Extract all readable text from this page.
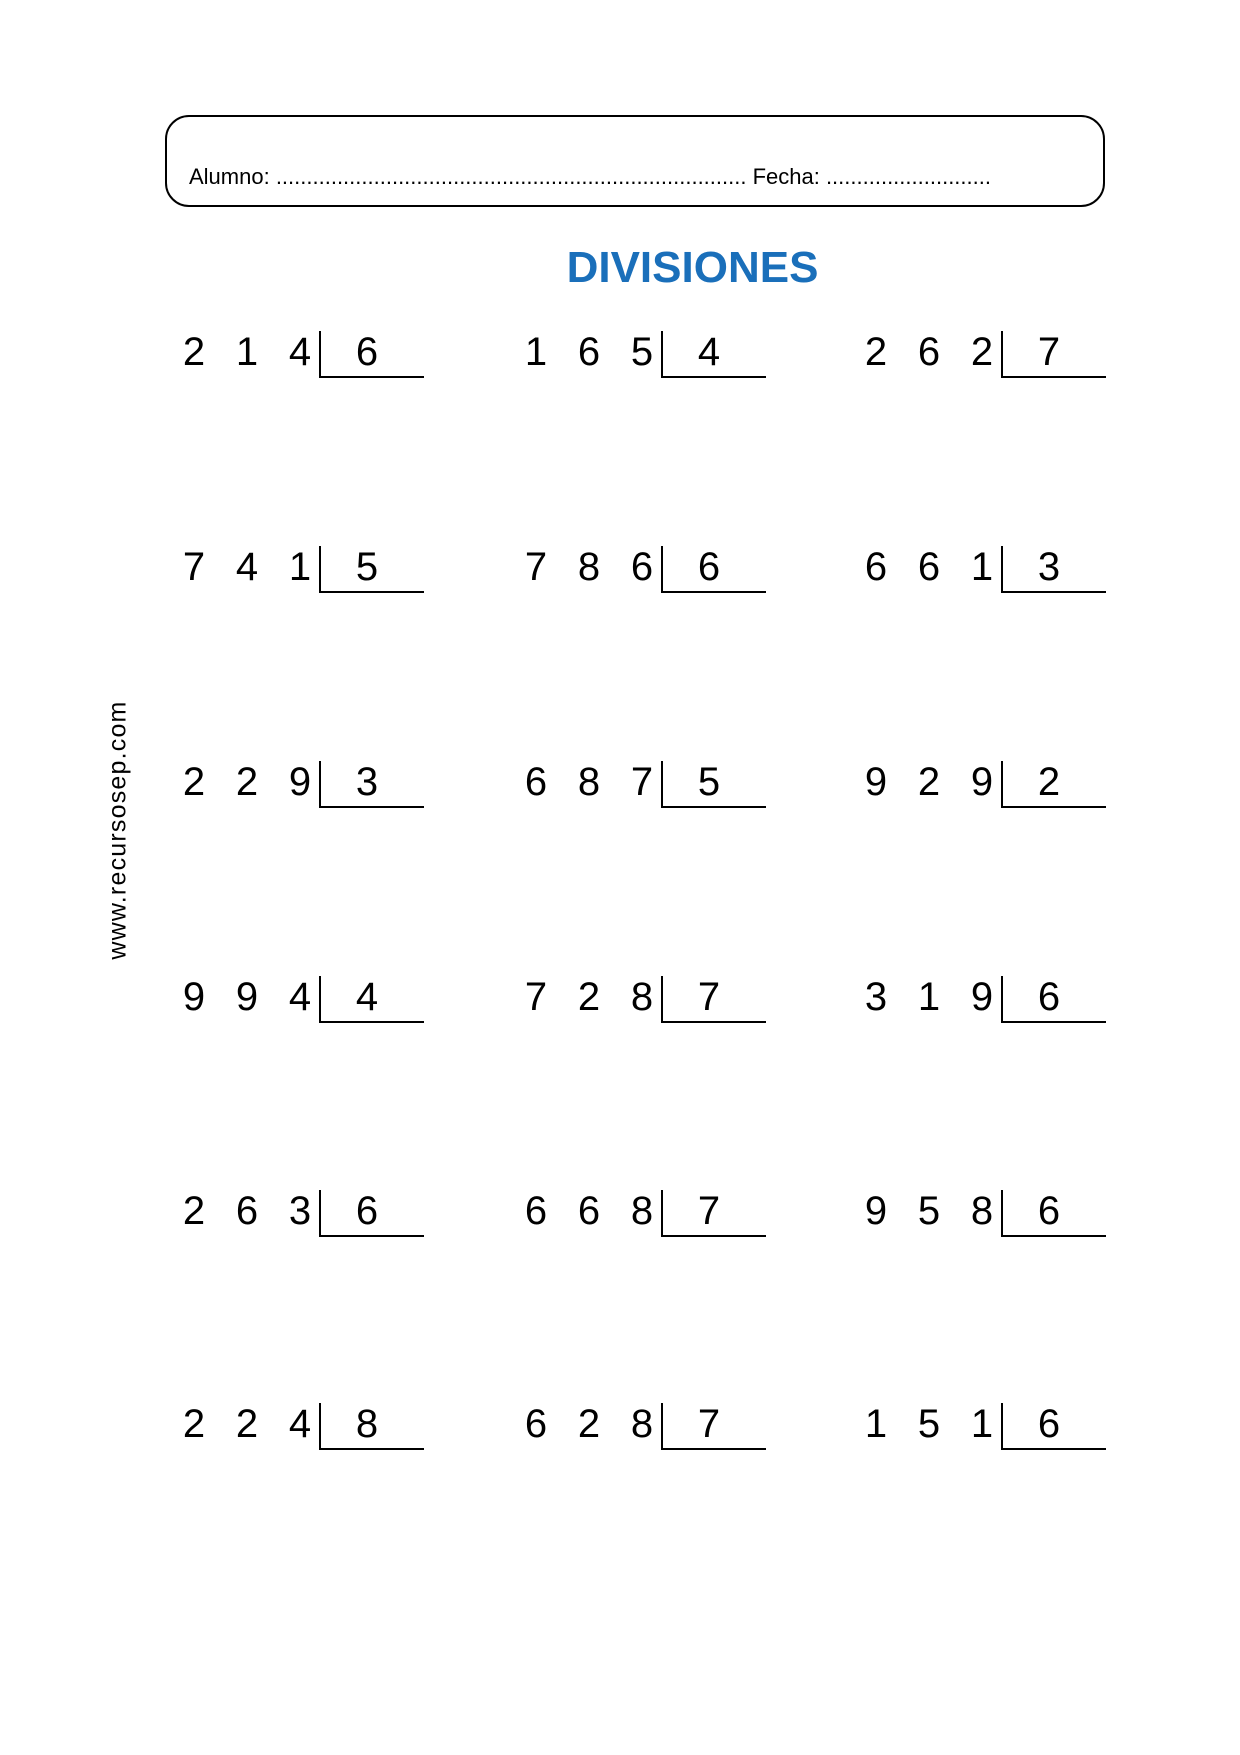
Alumno: ............................................................................. Fecha: ...........................
DIVISIONES
www.recursosep.com
2 1 4	6	1 6 5	4	2 6 2	7
7 4 1	5	7 8 6	6	6 6 1	3
2 2 9	3	6 8 7	5	9 2 9	2
9 9 4	4	7 2 8	7	3 1 9	6
2 6 3	6	6 6 8	7	9 5 8	6
2 2 4	8	6 2 8	7	1 5 1	6
